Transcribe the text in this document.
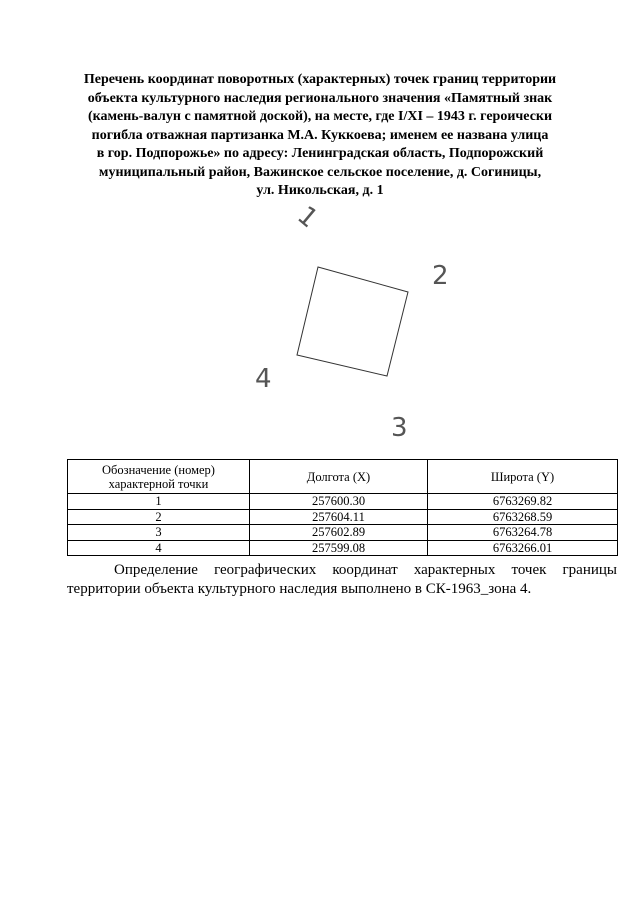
Перечень координат поворотных (характерных) точек границ территории
объекта культурного наследия регионального значения «Памятный знак
(камень-валун с памятной доской), на месте, где I/XI – 1943 г. героически
погибла отважная партизанка М.А. Куккоева; именем ее названа улица
в гор. Подпорожье» по адресу: Ленинградская область, Подпорожский
муниципальный район, Важинское сельское поселение, д. Согиницы,
ул. Никольская, д. 1
1
2
3
4
Обозначение (номер)
характерной точки	Долгота (X)	Широта (Y)
1	257600.30	6763269.82
2	257604.11	6763268.59
3	257602.89	6763264.78
4	257599.08	6763266.01
Определение географических координат характерных точек границы
территории объекта культурного наследия выполнено в СК-1963_зона 4.
